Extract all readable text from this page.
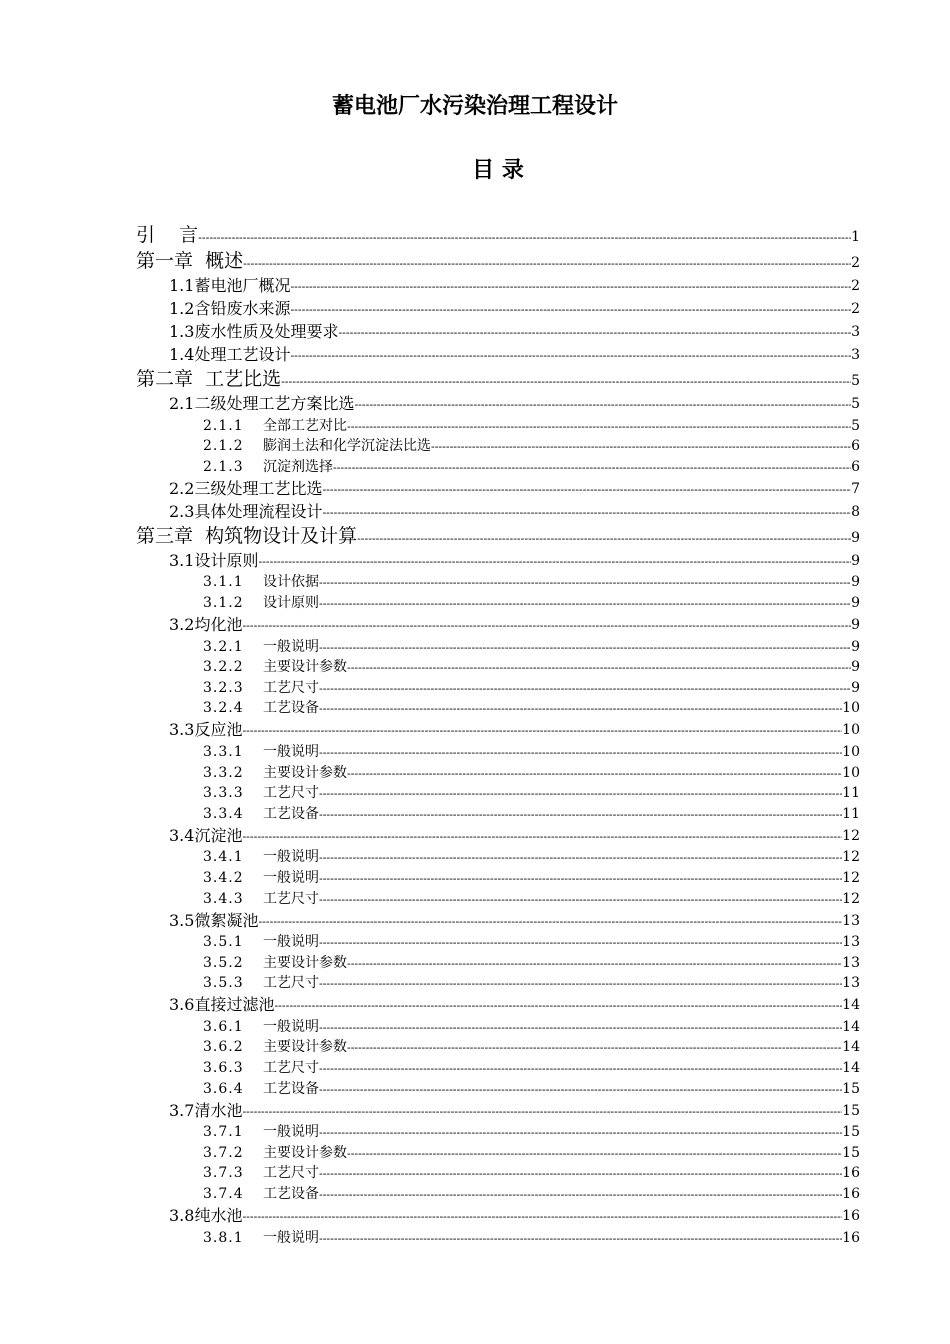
蓄电池厂水污染治理工程设计
目 录
引    言 -----	1
第一章  概述 -----	2
1.1蓄电池厂概况 -----	2
1.2含铅废水来源 -----	2
1.3废水性质及处理要求 -----	3
1.4处理工艺设计 -----	3
第二章  工艺比选 -----	5
2.1二级处理工艺方案比选 -----	5
2.1.1 全部工艺对比 -----	5
2.1.2 膨润土法和化学沉淀法比选 -----	6
2.1.3 沉淀剂选择 -----	6
2.2三级处理工艺比选 -----	7
2.3具体处理流程设计 -----	8
第三章  构筑物设计及计算 -----	9
3.1设计原则 -----	9
3.1.1 设计依据 -----	9
3.1.2 设计原则 -----	9
3.2均化池 -----	9
3.2.1 一般说明 -----	9
3.2.2 主要设计参数 -----	9
3.2.3 工艺尺寸 -----	9
3.2.4 工艺设备 -----	10
3.3反应池 -----	10
3.3.1 一般说明 -----	10
3.3.2 主要设计参数 -----	10
3.3.3 工艺尺寸 -----	11
3.3.4 工艺设备 -----	11
3.4沉淀池 -----	12
3.4.1 一般说明 -----	12
3.4.2 一般说明 -----	12
3.4.3 工艺尺寸 -----	12
3.5微絮凝池 -----	13
3.5.1 一般说明 -----	13
3.5.2 主要设计参数 -----	13
3.5.3 工艺尺寸 -----	13
3.6直接过滤池 -----	14
3.6.1 一般说明 -----	14
3.6.2 主要设计参数 -----	14
3.6.3 工艺尺寸 -----	14
3.6.4 工艺设备 -----	15
3.7清水池 -----	15
3.7.1 一般说明 -----	15
3.7.2 主要设计参数 -----	15
3.7.3 工艺尺寸 -----	16
3.7.4 工艺设备 -----	16
3.8纯水池 -----	16
3.8.1 一般说明 -----	16
